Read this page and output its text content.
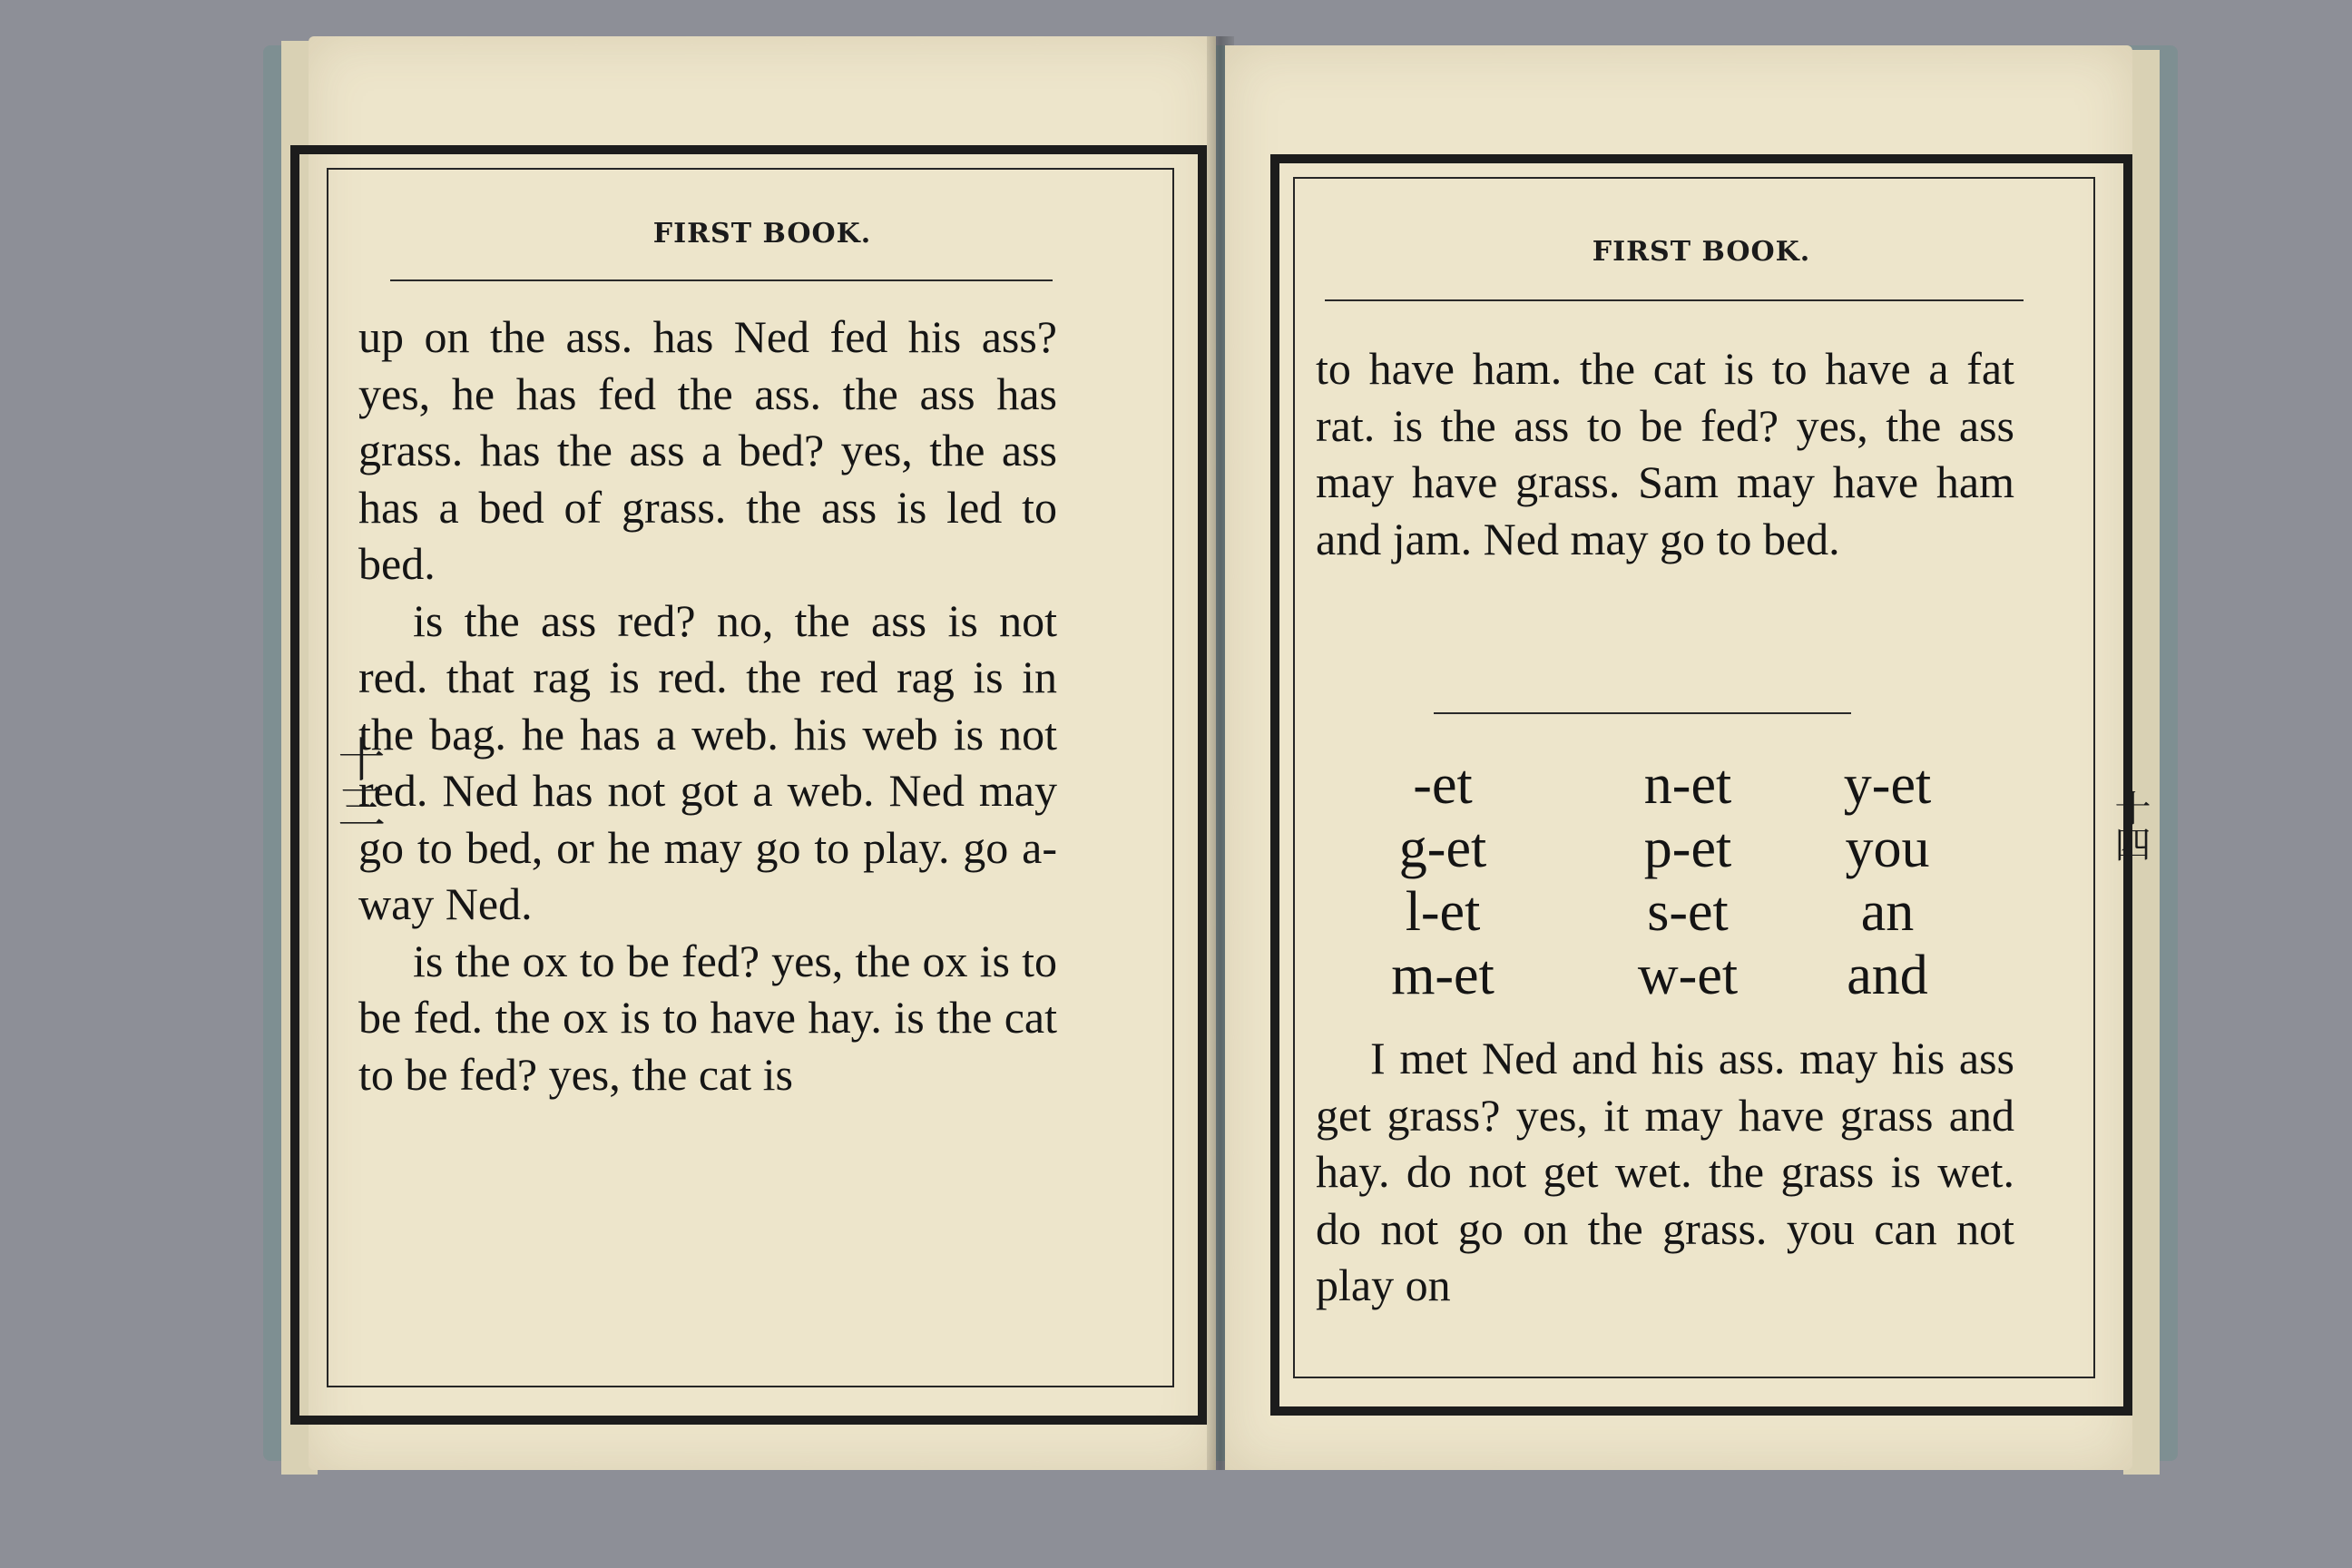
FIRST BOOK.

up on the ass. has Ned fed his ass? yes, he has fed the ass. the ass has grass. has the ass a bed? yes, the ass has a bed of grass. the ass is led to bed.

is the ass red? no, the ass is not red. that rag is red. the red rag is in the bag. he has a web. his web is not red. Ned has not got a web. Ned may go to bed, or he may go to play. go a-way Ned.

is the ox to be fed? yes, the ox is to be fed. the ox is to have hay. is the cat to be fed? yes, the cat is

十三
FIRST BOOK.

to have ham. the cat is to have a fat rat. is the ass to be fed? yes, the ass may have grass. Sam may have ham and jam. Ned may go to bed.

-et	n-et	y-et
g-et	p-et	you
l-et	s-et	an
m-et	w-et	and

I met Ned and his ass. may his ass get grass? yes, it may have grass and hay. do not get wet. the grass is wet. do not go on the grass. you can not play on

十四
